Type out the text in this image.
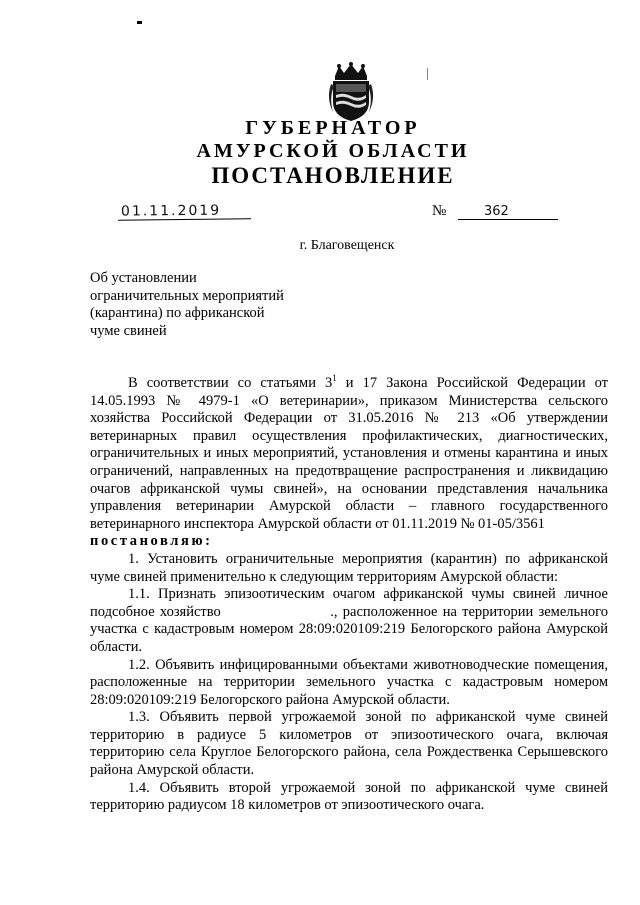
ГУБЕРНАТОР
АМУРСКОЙ ОБЛАСТИ
ПОСТАНОВЛЕНИЕ
01.11.2019	№	362
г. Благовещенск
Об установлении
ограничительных мероприятий
(карантина) по африканской
чуме свиней

В соответствии со статьями $3^1$ и 17 Закона Российской Федерации от 14.05.1993 № 4979-1 «О ветеринарии», приказом Министерства сельского хозяйства Российской Федерации от 31.05.2016 № 213 «Об утверждении ветеринарных правил осуществления профилактических, диагностических, ограничительных и иных мероприятий, установления и отмены карантина и иных ограничений, направленных на предотвращение распространения и ликвидацию очагов африканской чумы свиней», на основании представления начальника управления ветеринарии Амурской области – главного государственного ветеринарного инспектора Амурской области от 01.11.2019 № 01-05/3561

постановляю:

1. Установить ограничительные мероприятия (карантин) по африканской чуме свиней применительно к следующим территориям Амурской области:

1.1. Признать эпизоотическим очагом африканской чумы свиней личное подсобное хозяйство                     ., расположенное на территории земельного участка с кадастровым номером 28:09:020109:219 Белогорского района Амурской области.

1.2. Объявить инфицированными объектами животноводческие помещения, расположенные на территории земельного участка с кадастровым номером 28:09:020109:219 Белогорского района Амурской области.

1.3. Объявить первой угрожаемой зоной по африканской чуме свиней территорию в радиусе 5 километров от эпизоотического очага, включая территорию села Круглое Белогорского района, села Рождественка Серышевского района Амурской области.

1.4. Объявить второй угрожаемой зоной по африканской чуме свиней территорию радиусом 18 километров от эпизоотического очага.
